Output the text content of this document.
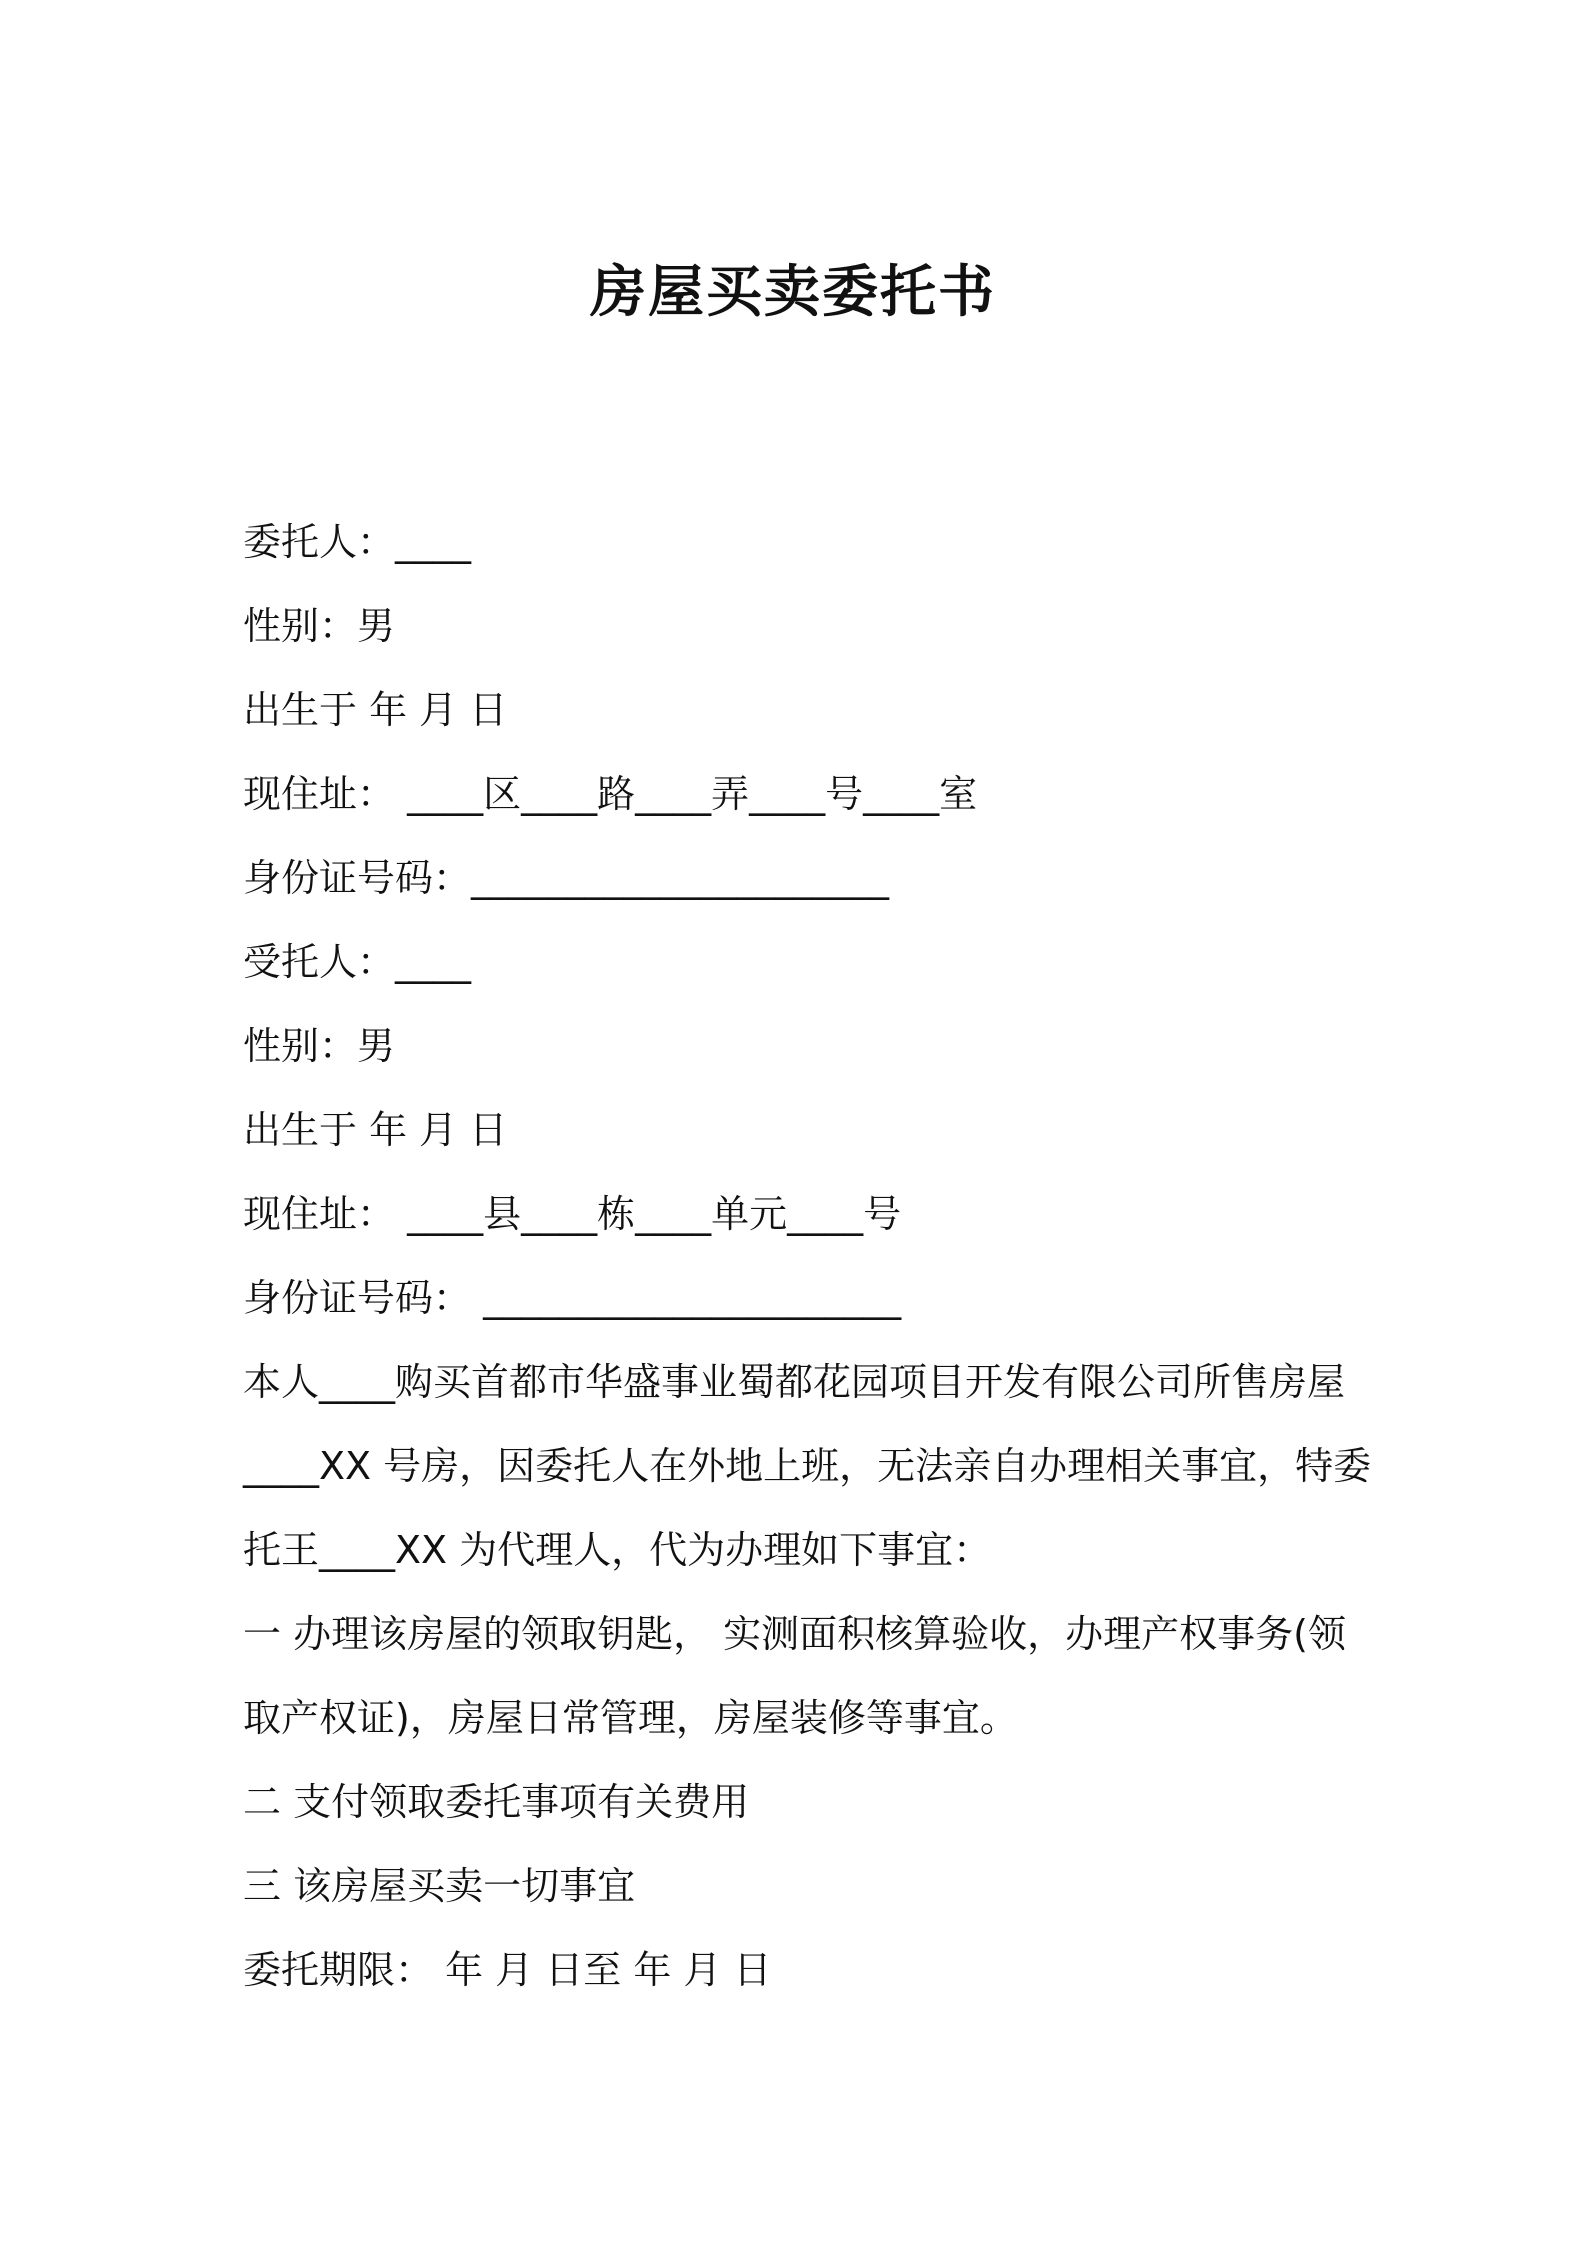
房屋买卖委托书
委托人：____
性别：男
出生于 年 月 日
现住址： ____区____路____弄____号____室
身份证号码：______________________
受托人：____
性别：男
出生于 年 月 日
现住址： ____县____栋____单元____号
身份证号码： ______________________
本人____购买首都市华盛事业蜀都花园项目开发有限公司所售房屋
____XX 号房，因委托人在外地上班，无法亲自办理相关事宜，特委
托王____XX 为代理人，代为办理如下事宜：
一 办理该房屋的领取钥匙， 实测面积核算验收，办理产权事务(领
取产权证)，房屋日常管理，房屋装修等事宜。
二 支付领取委托事项有关费用
三 该房屋买卖一切事宜
委托期限： 年 月 日至 年 月 日
